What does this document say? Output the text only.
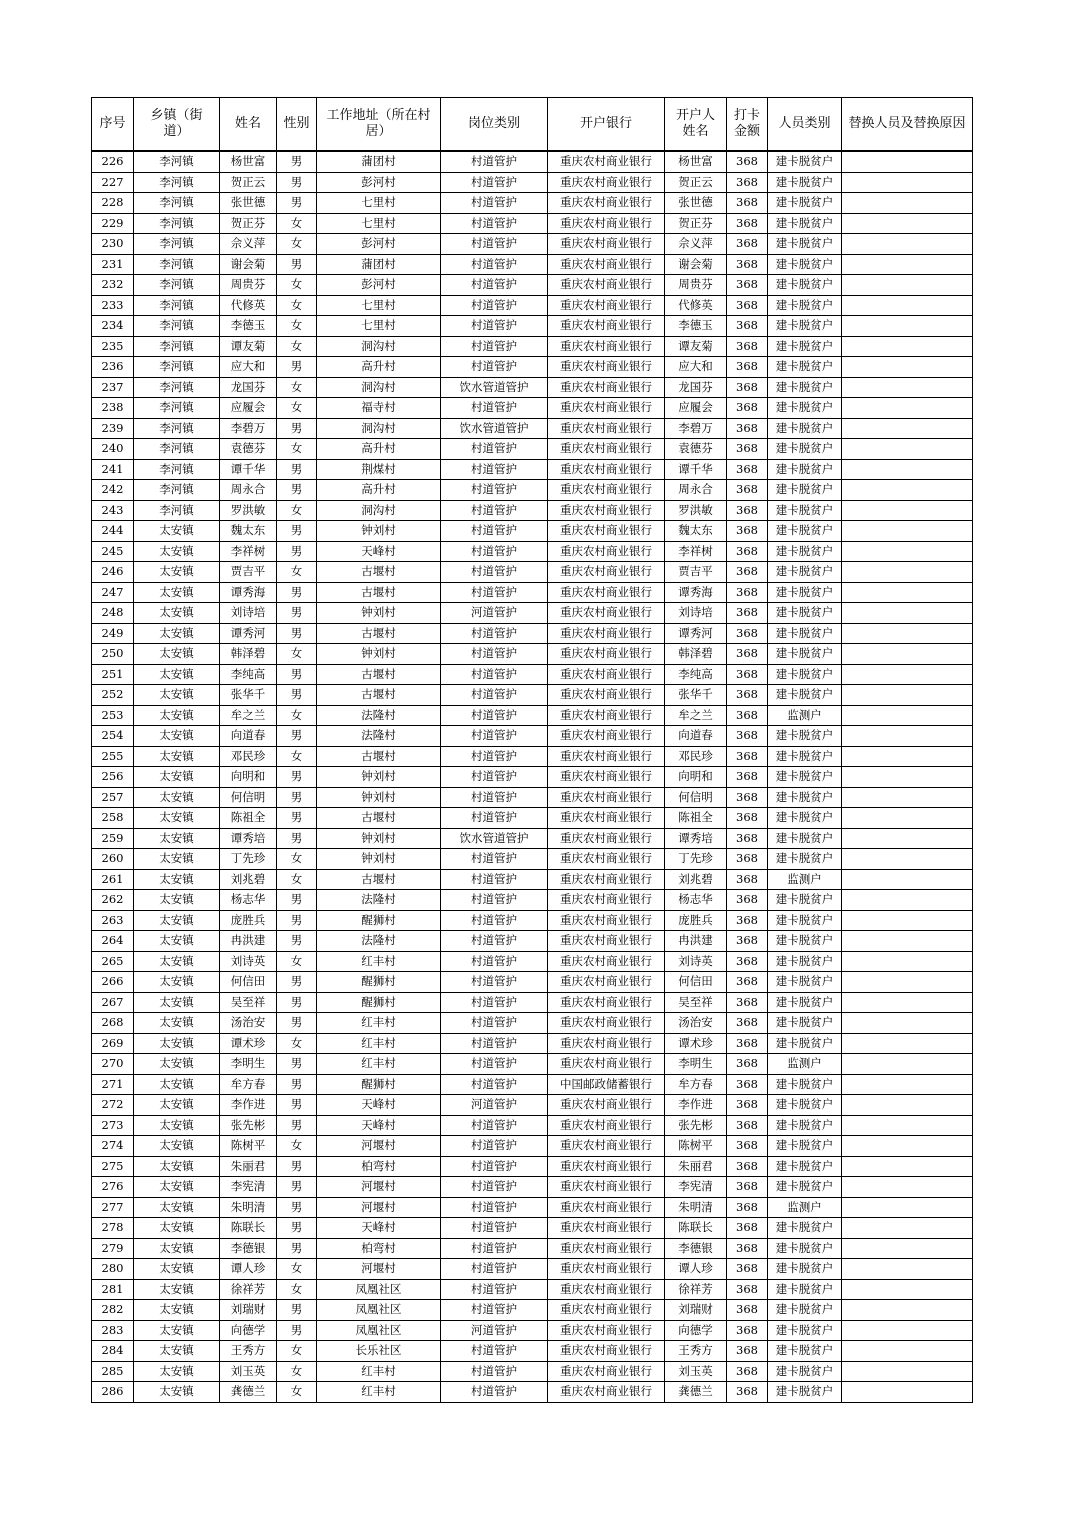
序号	乡镇（街道）	姓名	性别	工作地址（所在村居）	岗位类别	开户银行	开户人姓名	打卡金额	人员类别	替换人员及替换原因
226	李河镇	杨世富	男	蒲团村	村道管护	重庆农村商业银行	杨世富	368	建卡脱贫户	
227	李河镇	贺正云	男	彭河村	村道管护	重庆农村商业银行	贺正云	368	建卡脱贫户	
228	李河镇	张世德	男	七里村	村道管护	重庆农村商业银行	张世德	368	建卡脱贫户	
229	李河镇	贺正芬	女	七里村	村道管护	重庆农村商业银行	贺正芬	368	建卡脱贫户	
230	李河镇	佘义萍	女	彭河村	村道管护	重庆农村商业银行	佘义萍	368	建卡脱贫户	
231	李河镇	谢会菊	男	蒲团村	村道管护	重庆农村商业银行	谢会菊	368	建卡脱贫户	
232	李河镇	周贵芬	女	彭河村	村道管护	重庆农村商业银行	周贵芬	368	建卡脱贫户	
233	李河镇	代修英	女	七里村	村道管护	重庆农村商业银行	代修英	368	建卡脱贫户	
234	李河镇	李德玉	女	七里村	村道管护	重庆农村商业银行	李德玉	368	建卡脱贫户	
235	李河镇	谭友菊	女	洞沟村	村道管护	重庆农村商业银行	谭友菊	368	建卡脱贫户	
236	李河镇	应大和	男	高升村	村道管护	重庆农村商业银行	应大和	368	建卡脱贫户	
237	李河镇	龙国芬	女	洞沟村	饮水管道管护	重庆农村商业银行	龙国芬	368	建卡脱贫户	
238	李河镇	应履会	女	福寺村	村道管护	重庆农村商业银行	应履会	368	建卡脱贫户	
239	李河镇	李碧万	男	洞沟村	饮水管道管护	重庆农村商业银行	李碧万	368	建卡脱贫户	
240	李河镇	袁德芬	女	高升村	村道管护	重庆农村商业银行	袁德芬	368	建卡脱贫户	
241	李河镇	谭千华	男	荆煤村	村道管护	重庆农村商业银行	谭千华	368	建卡脱贫户	
242	李河镇	周永合	男	高升村	村道管护	重庆农村商业银行	周永合	368	建卡脱贫户	
243	李河镇	罗洪敏	女	洞沟村	村道管护	重庆农村商业银行	罗洪敏	368	建卡脱贫户	
244	太安镇	魏太东	男	钟刘村	村道管护	重庆农村商业银行	魏太东	368	建卡脱贫户	
245	太安镇	李祥树	男	天峰村	村道管护	重庆农村商业银行	李祥树	368	建卡脱贫户	
246	太安镇	贾吉平	女	古堰村	村道管护	重庆农村商业银行	贾吉平	368	建卡脱贫户	
247	太安镇	谭秀海	男	古堰村	村道管护	重庆农村商业银行	谭秀海	368	建卡脱贫户	
248	太安镇	刘诗培	男	钟刘村	河道管护	重庆农村商业银行	刘诗培	368	建卡脱贫户	
249	太安镇	谭秀河	男	古堰村	村道管护	重庆农村商业银行	谭秀河	368	建卡脱贫户	
250	太安镇	韩泽碧	女	钟刘村	村道管护	重庆农村商业银行	韩泽碧	368	建卡脱贫户	
251	太安镇	李纯高	男	古堰村	村道管护	重庆农村商业银行	李纯高	368	建卡脱贫户	
252	太安镇	张华千	男	古堰村	村道管护	重庆农村商业银行	张华千	368	建卡脱贫户	
253	太安镇	牟之兰	女	法隆村	村道管护	重庆农村商业银行	牟之兰	368	监测户	
254	太安镇	向道春	男	法隆村	村道管护	重庆农村商业银行	向道春	368	建卡脱贫户	
255	太安镇	邓民珍	女	古堰村	村道管护	重庆农村商业银行	邓民珍	368	建卡脱贫户	
256	太安镇	向明和	男	钟刘村	村道管护	重庆农村商业银行	向明和	368	建卡脱贫户	
257	太安镇	何信明	男	钟刘村	村道管护	重庆农村商业银行	何信明	368	建卡脱贫户	
258	太安镇	陈祖全	男	古堰村	村道管护	重庆农村商业银行	陈祖全	368	建卡脱贫户	
259	太安镇	谭秀培	男	钟刘村	饮水管道管护	重庆农村商业银行	谭秀培	368	建卡脱贫户	
260	太安镇	丁先珍	女	钟刘村	村道管护	重庆农村商业银行	丁先珍	368	建卡脱贫户	
261	太安镇	刘兆碧	女	古堰村	村道管护	重庆农村商业银行	刘兆碧	368	监测户	
262	太安镇	杨志华	男	法隆村	村道管护	重庆农村商业银行	杨志华	368	建卡脱贫户	
263	太安镇	庞胜兵	男	醒狮村	村道管护	重庆农村商业银行	庞胜兵	368	建卡脱贫户	
264	太安镇	冉洪建	男	法隆村	村道管护	重庆农村商业银行	冉洪建	368	建卡脱贫户	
265	太安镇	刘诗英	女	红丰村	村道管护	重庆农村商业银行	刘诗英	368	建卡脱贫户	
266	太安镇	何信田	男	醒狮村	村道管护	重庆农村商业银行	何信田	368	建卡脱贫户	
267	太安镇	吴至祥	男	醒狮村	村道管护	重庆农村商业银行	吴至祥	368	建卡脱贫户	
268	太安镇	汤治安	男	红丰村	村道管护	重庆农村商业银行	汤治安	368	建卡脱贫户	
269	太安镇	谭术珍	女	红丰村	村道管护	重庆农村商业银行	谭术珍	368	建卡脱贫户	
270	太安镇	李明生	男	红丰村	村道管护	重庆农村商业银行	李明生	368	监测户	
271	太安镇	牟方春	男	醒狮村	村道管护	中国邮政储蓄银行	牟方春	368	建卡脱贫户	
272	太安镇	李作进	男	天峰村	河道管护	重庆农村商业银行	李作进	368	建卡脱贫户	
273	太安镇	张先彬	男	天峰村	村道管护	重庆农村商业银行	张先彬	368	建卡脱贫户	
274	太安镇	陈树平	女	河堰村	村道管护	重庆农村商业银行	陈树平	368	建卡脱贫户	
275	太安镇	朱丽君	男	柏弯村	村道管护	重庆农村商业银行	朱丽君	368	建卡脱贫户	
276	太安镇	李宪清	男	河堰村	村道管护	重庆农村商业银行	李宪清	368	建卡脱贫户	
277	太安镇	朱明清	男	河堰村	村道管护	重庆农村商业银行	朱明清	368	监测户	
278	太安镇	陈联长	男	天峰村	村道管护	重庆农村商业银行	陈联长	368	建卡脱贫户	
279	太安镇	李德银	男	柏弯村	村道管护	重庆农村商业银行	李德银	368	建卡脱贫户	
280	太安镇	谭人珍	女	河堰村	村道管护	重庆农村商业银行	谭人珍	368	建卡脱贫户	
281	太安镇	徐祥芳	女	凤凰社区	村道管护	重庆农村商业银行	徐祥芳	368	建卡脱贫户	
282	太安镇	刘瑞财	男	凤凰社区	村道管护	重庆农村商业银行	刘瑞财	368	建卡脱贫户	
283	太安镇	向德学	男	凤凰社区	河道管护	重庆农村商业银行	向德学	368	建卡脱贫户	
284	太安镇	王秀方	女	长乐社区	村道管护	重庆农村商业银行	王秀方	368	建卡脱贫户	
285	太安镇	刘玉英	女	红丰村	村道管护	重庆农村商业银行	刘玉英	368	建卡脱贫户	
286	太安镇	龚德兰	女	红丰村	村道管护	重庆农村商业银行	龚德兰	368	建卡脱贫户	
